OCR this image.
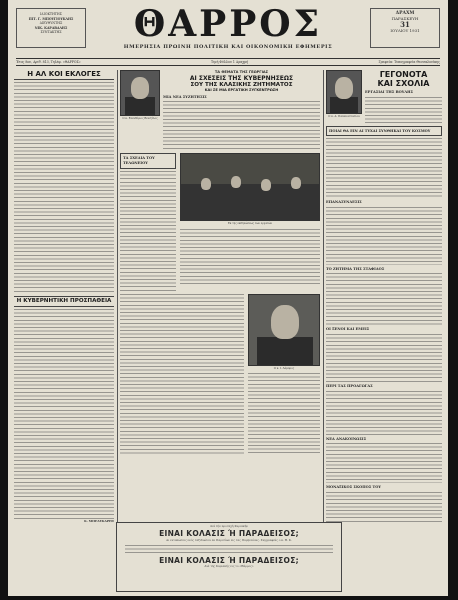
ΙΔΙΟΚΤΗΤΗΣ
ΠΙΤ. Γ. ΜΠΟΥΓΙΟΥΚΛΗΣ
ΔΙΕΥΘΥΝΤΗΣ
ΝΙΚ. ΚΑΡΑΒΑΛΗΣ
ΣΥΝΤΑΚΤΗΣ	ΘΑΡΡΟΣ
ΗΜΕΡΗΣΙΑ ΠΡΩΙΝΗ ΠΟΛΙΤΙΚΗ ΚΑΙ ΟΙΚΟΝΟΜΙΚΗ ΕΦΗΜΕΡΙΣ
ΔΡΑΧΜ
ΠΑΡΑΣΚΕΥΗ
31
ΙΟΥΛΙΟΥ 1931
Έτος 8ον, Αριθ. 813, Τηλέφ. «ΘΑΡΡΟΣ»	Τιμή Φύλλου 1 Δραχμή	Γραφεία: Τυπογραφεία Θεσσαλονίκης
Η ΑΛ ΚΟΙ ΕΚΛΟΓΕΣ
Η ΚΥΒΕΡΝΗΤΙΚΗ ΠΡΟΣΠΑΘΕΙΑ
Κ. ΜΠΕΛΕΚΑΡΗΣ
Ο κ. Ελευθέριος Βενιζέλος
ΤΑ ΘΕΜΑΤΑ ΤΗΣ ΓΕΩΡΓΙΑΣ
ΑΙ ΣΧΕΣΕΙΣ ΤΗΣ ΚΥΒΕΡΝΗΣΕΩΣ
ΣΟΥ ΤΗΣ ΚΛΑΣΙΚΗΣ ΖΗΤΗΜΑΤΟΣ
ΚΑΙ ΣΕ ΜΙΑ ΕΡΓΑΤΙΚΗ ΣΥΓΚΕΝΤΡΩΣΗ
ΜΙΑ ΝΕΑ ΣΥΖΗΤΗΣΙΣ
ΤΑ ΣΧΕΔΙΑ ΤΟΥ ΤΕΛΩΝΕΙΟΥ
Εκ της εκδηλώσεως των εργατών
Ο κ. Ι. Λάμπρος
Ο κ. Α. Παπαναστασίου
ΓΕΓΟΝΟΤΑ
ΚΑΙ ΣΧΟΛΙΑ
ΕΡΓΑΣΙΑΙ ΤΗΣ ΒΟΥΛΗΣ
ΠΟΙΑΙ ΘΑ ΕΙΝ ΑΙ ΤΥΧΑΙ ΣΥΝΘΗΚΑΙ ΤΟΥ ΚΟΣΜΟΥ
ΕΠΑΝΑΣΥΝΔΕΣΙΣ
ΤΟ ΖΗΤΗΜΑ ΤΗΣ ΣΤΑΦΙΔΟΣ
ΟΙ ΞΕΝΟΙ ΚΑΙ ΕΜΕΙΣ
ΠΕΡΙ ΤΑΣ ΠΡΟΑΓΩΓΑΣ
ΝΕΑ ΑΝΑΚΟΙΝΩΣΙΣ
ΜΟΝΑΞΙΚΟΣ ΣΚΟΠΟΣ ΤΟΥ
Διά τήν προσεχή Κυριακήν
ΕΙΝΑΙ ΚΟΛΑΣΙΣ Ή ΠΑΡΑΔΕΙΣΟΣ;
Αι εντυπώσεις ενός ταξιδιώτου εκ Παρισίων εις τας Πυρηναίους. Συγγραφεύς ο κ. Θ. Κ.
ΕΙΝΑΙ ΚΟΛΑΣΙΣ Ή ΠΑΡΑΔΕΙΣΟΣ;
Διά της Κυριακής εις το «Θάρρος»
